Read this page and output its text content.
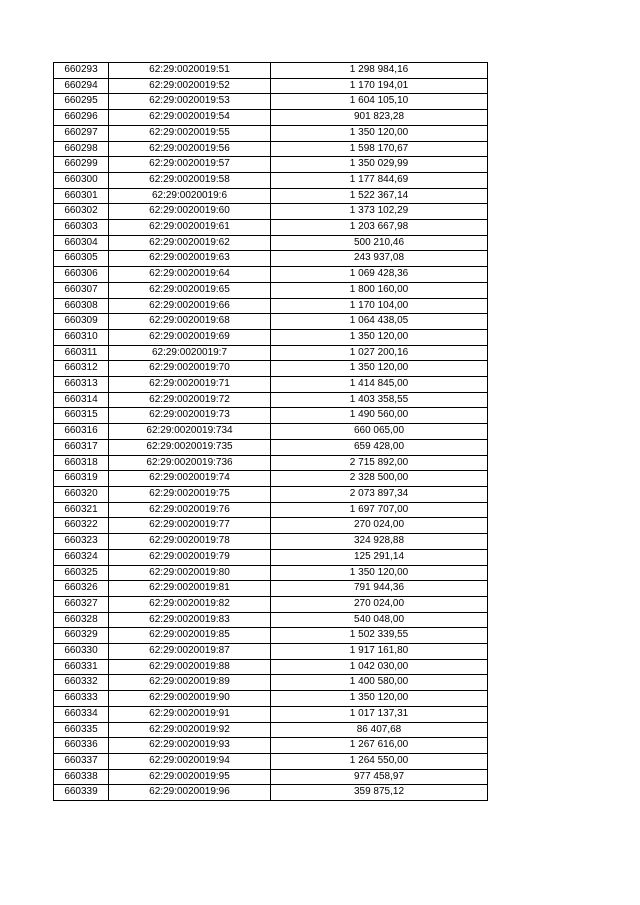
660293	62:29:0020019:51	1 298 984,16
660294	62:29:0020019:52	1 170 194,01
660295	62:29:0020019:53	1 604 105,10
660296	62:29:0020019:54	901 823,28
660297	62:29:0020019:55	1 350 120,00
660298	62:29:0020019:56	1 598 170,67
660299	62:29:0020019:57	1 350 029,99
660300	62:29:0020019:58	1 177 844,69
660301	62:29:0020019:6	1 522 367,14
660302	62:29:0020019:60	1 373 102,29
660303	62:29:0020019:61	1 203 667,98
660304	62:29:0020019:62	500 210,46
660305	62:29:0020019:63	243 937,08
660306	62:29:0020019:64	1 069 428,36
660307	62:29:0020019:65	1 800 160,00
660308	62:29:0020019:66	1 170 104,00
660309	62:29:0020019:68	1 064 438,05
660310	62:29:0020019:69	1 350 120,00
660311	62:29:0020019:7	1 027 200,16
660312	62:29:0020019:70	1 350 120,00
660313	62:29:0020019:71	1 414 845,00
660314	62:29:0020019:72	1 403 358,55
660315	62:29:0020019:73	1 490 560,00
660316	62:29:0020019:734	660 065,00
660317	62:29:0020019:735	659 428,00
660318	62:29:0020019:736	2 715 892,00
660319	62:29:0020019:74	2 328 500,00
660320	62:29:0020019:75	2 073 897,34
660321	62:29:0020019:76	1 697 707,00
660322	62:29:0020019:77	270 024,00
660323	62:29:0020019:78	324 928,88
660324	62:29:0020019:79	125 291,14
660325	62:29:0020019:80	1 350 120,00
660326	62:29:0020019:81	791 944,36
660327	62:29:0020019:82	270 024,00
660328	62:29:0020019:83	540 048,00
660329	62:29:0020019:85	1 502 339,55
660330	62:29:0020019:87	1 917 161,80
660331	62:29:0020019:88	1 042 030,00
660332	62:29:0020019:89	1 400 580,00
660333	62:29:0020019:90	1 350 120,00
660334	62:29:0020019:91	1 017 137,31
660335	62:29:0020019:92	86 407,68
660336	62:29:0020019:93	1 267 616,00
660337	62:29:0020019:94	1 264 550,00
660338	62:29:0020019:95	977 458,97
660339	62:29:0020019:96	359 875,12
